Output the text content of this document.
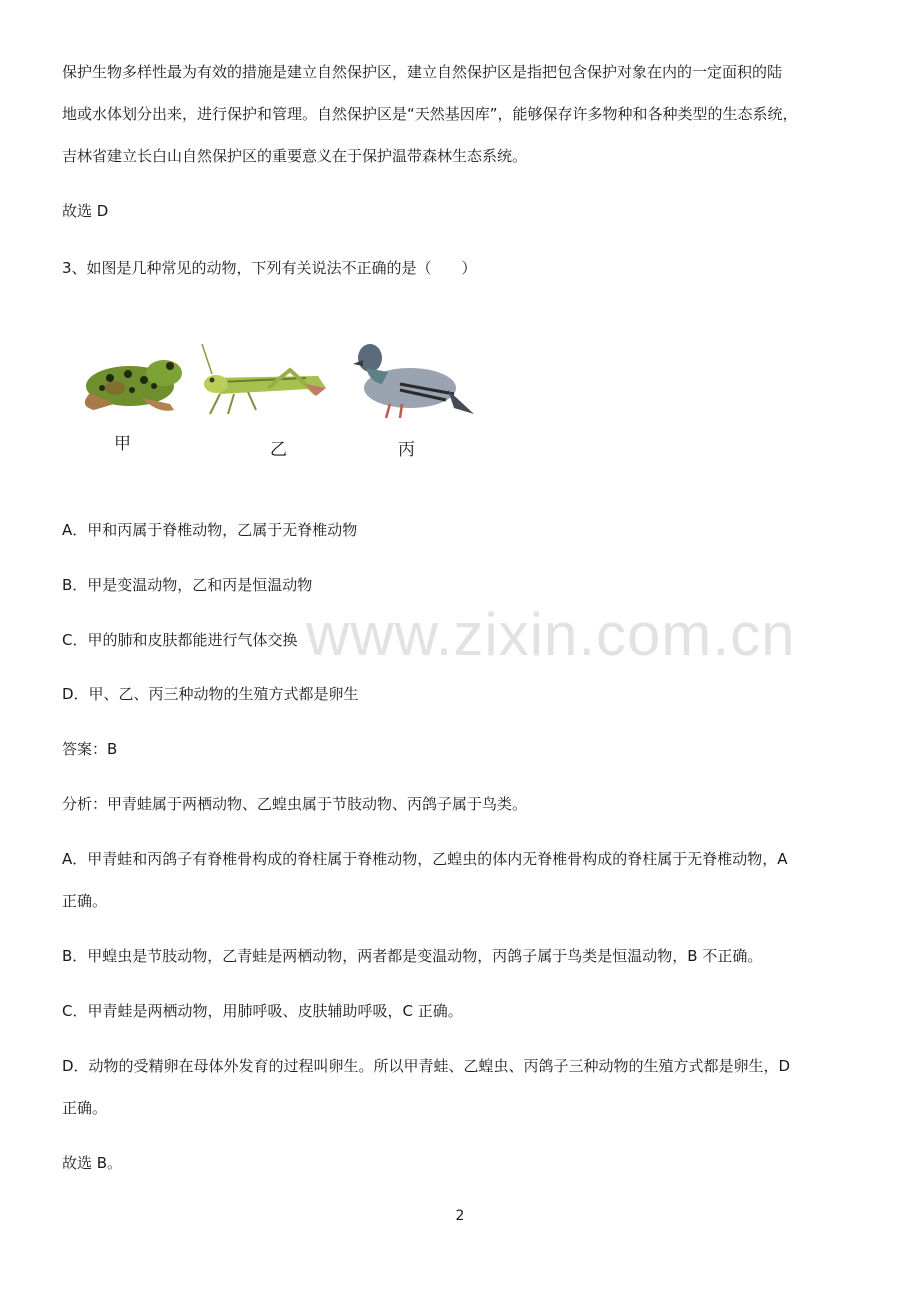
www.zixin.com.cn
保护生物多样性最为有效的措施是建立自然保护区，建立自然保护区是指把包含保护对象在内的一定面积的陆
地或水体划分出来，进行保护和管理。自然保护区是“天然基因库”，能够保存许多物种和各种类型的生态系统，
吉林省建立长白山自然保护区的重要意义在于保护温带森林生态系统。
故选 D
3、如图是几种常见的动物，下列有关说法不正确的是（　　）
甲	乙	丙
A．甲和丙属于脊椎动物，乙属于无脊椎动物
B．甲是变温动物，乙和丙是恒温动物
C．甲的肺和皮肤都能进行气体交换
D．甲、乙、丙三种动物的生殖方式都是卵生
答案：B
分析：甲青蛙属于两栖动物、乙蝗虫属于节肢动物、丙鸽子属于鸟类。
A．甲青蛙和丙鸽子有脊椎骨构成的脊柱属于脊椎动物，乙蝗虫的体内无脊椎骨构成的脊柱属于无脊椎动物，A
正确。
B．甲蝗虫是节肢动物，乙青蛙是两栖动物，两者都是变温动物，丙鸽子属于鸟类是恒温动物，B 不正确。
C．甲青蛙是两栖动物，用肺呼吸、皮肤辅助呼吸，C 正确。
D．动物的受精卵在母体外发育的过程叫卵生。所以甲青蛙、乙蝗虫、丙鸽子三种动物的生殖方式都是卵生，D
正确。
故选 B。
2
